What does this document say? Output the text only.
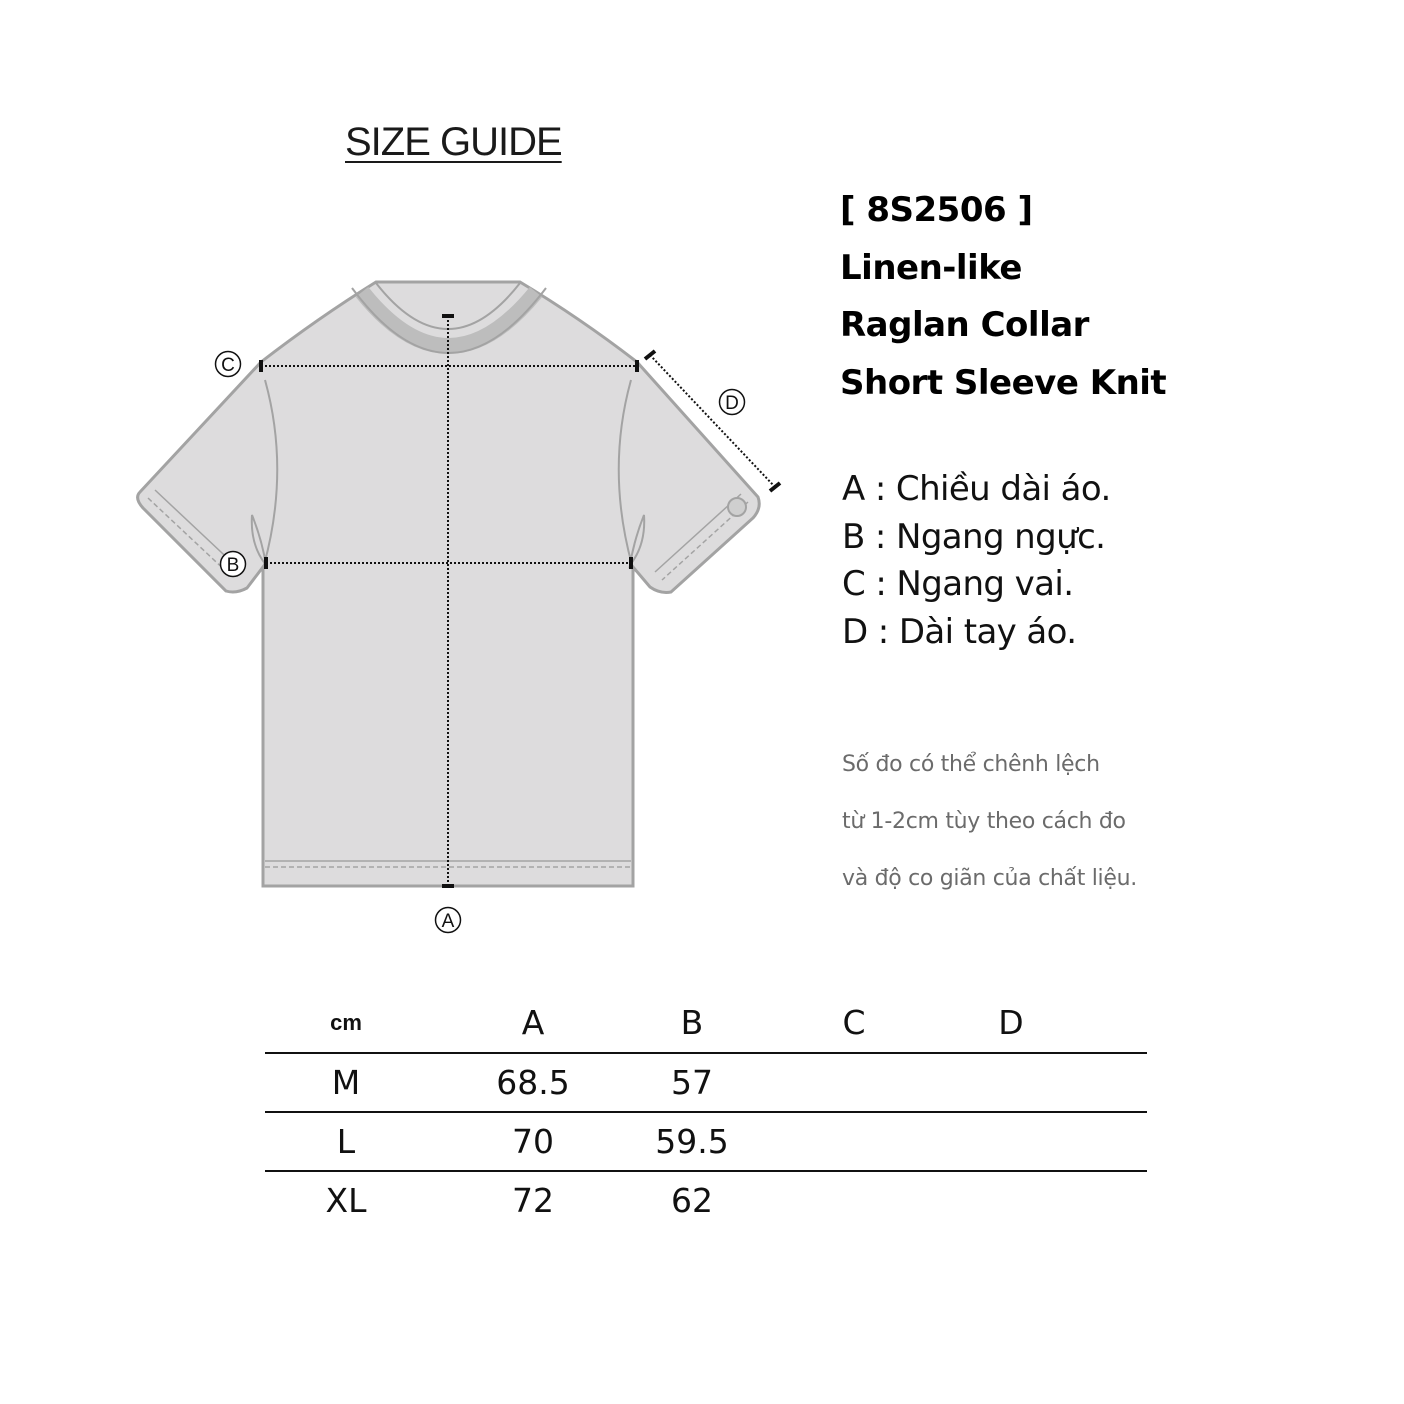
SIZE GUIDE
C
D
B
A
[ 8S2506 ]
Linen-like
Raglan Collar
Short Sleeve Knit
A : Chiều dài áo.
B : Ngang ngực.
C : Ngang vai.
D : Dài tay áo.
Số đo có thể chênh lệch
từ 1-2cm tùy theo cách đo
và độ co giãn của chất liệu.
cm	A	B	C	D
M	68.5	57
L	70	59.5
XL	72	62
